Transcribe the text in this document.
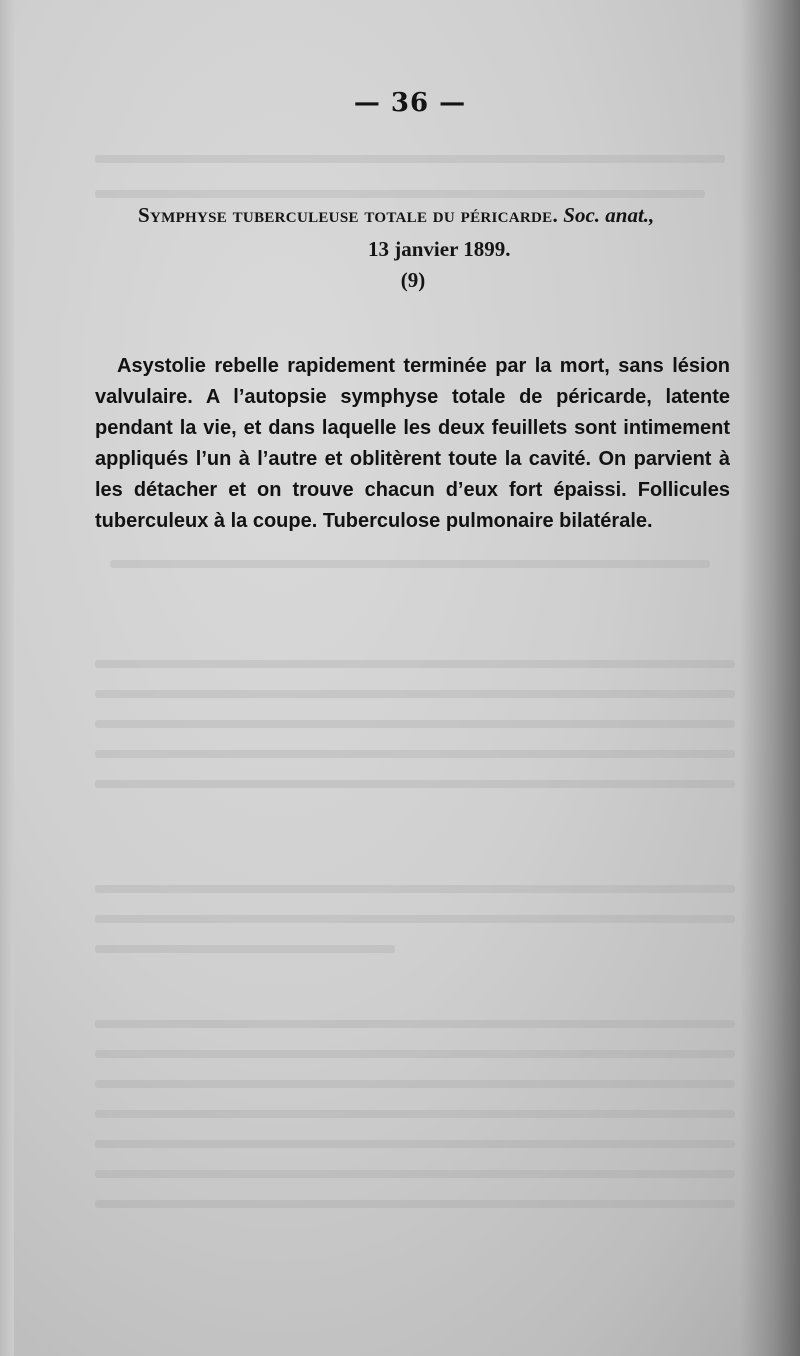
— 36 —
Symphyse tuberculeuse totale du péricarde. Soc. anat.,
13 janvier 1899.
(9)

Asystolie rebelle rapidement terminée par la mort, sans lésion valvulaire. A l’autopsie symphyse totale de péricarde, latente pendant la vie, et dans laquelle les deux feuillets sont intimement appliqués l’un à l’autre et oblitèrent toute la cavité. On parvient à les détacher et on trouve chacun d’eux fort épaissi. Follicules tuberculeux à la coupe. Tuberculose pulmonaire bilatérale.
